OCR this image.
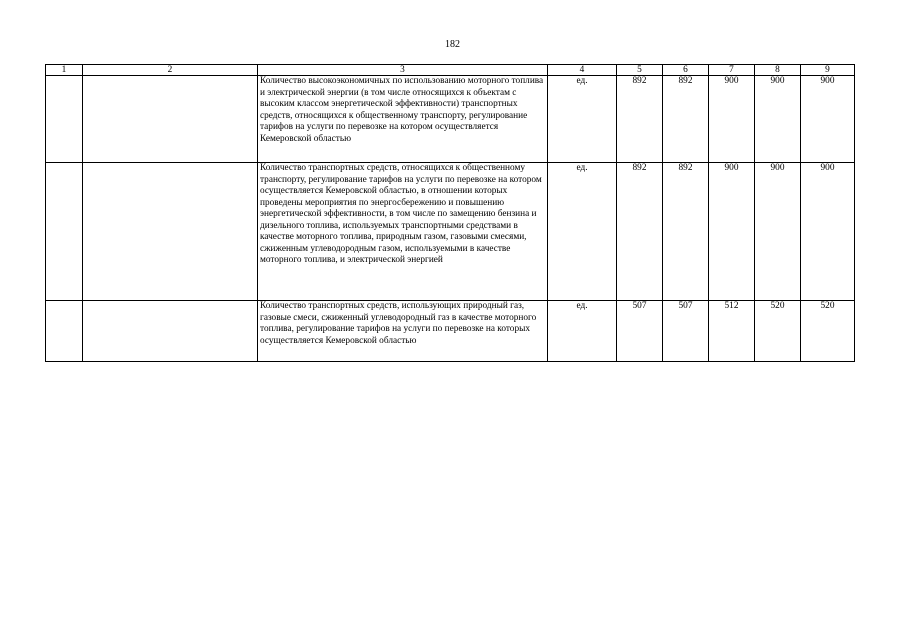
182
1	2	3	4	5	6	7	8	9
		Количество высокоэкономичных по использованию моторного топлива и электрической энергии (в том числе относящихся к объектам с высоким классом энергетической эффективности) транспортных средств, относящихся к общественному транспорту, регулирование тарифов на услуги по перевозке на котором осуществляется Кемеровской областью	ед.	892	892	900	900	900
		Количество транспортных средств, относящихся к общественному транспорту, регулирование тарифов на услуги по перевозке на котором осуществляется Кемеровской областью, в отношении которых проведены мероприятия по энергосбережению и повышению энергетической эффективности, в том числе по замещению бензина и дизельного топлива, используемых транспортными средствами в качестве моторного топлива, природным газом, газовыми смесями, сжиженным углеводородным газом, используемыми в качестве моторного топлива, и электрической энергией	ед.	892	892	900	900	900
		Количество транспортных средств, использующих природный газ, газовые смеси, сжиженный углеводородный газ в качестве моторного топлива, регулирование тарифов на услуги по перевозке на которых осуществляется Кемеровской областью	ед.	507	507	512	520	520
